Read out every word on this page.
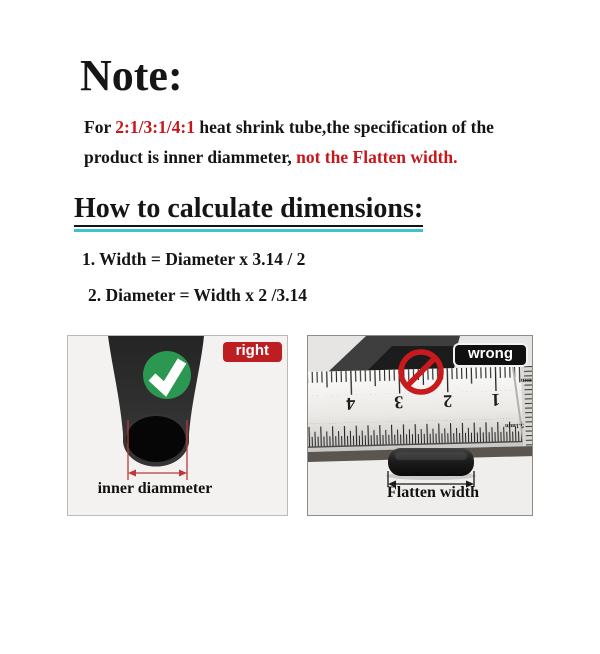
Note:

For 2:1/3:1/4:1 heat shrink tube,the specification of the
product is inner diammeter, not the Flatten width.

How to calculate dimensions:

1. Width = Diameter x 3.14 / 2

2. Diameter = Width x 2 /3.14

right
inner diammeter
4 3 2 1
mm
5.1mm
wrong
Flatten width
